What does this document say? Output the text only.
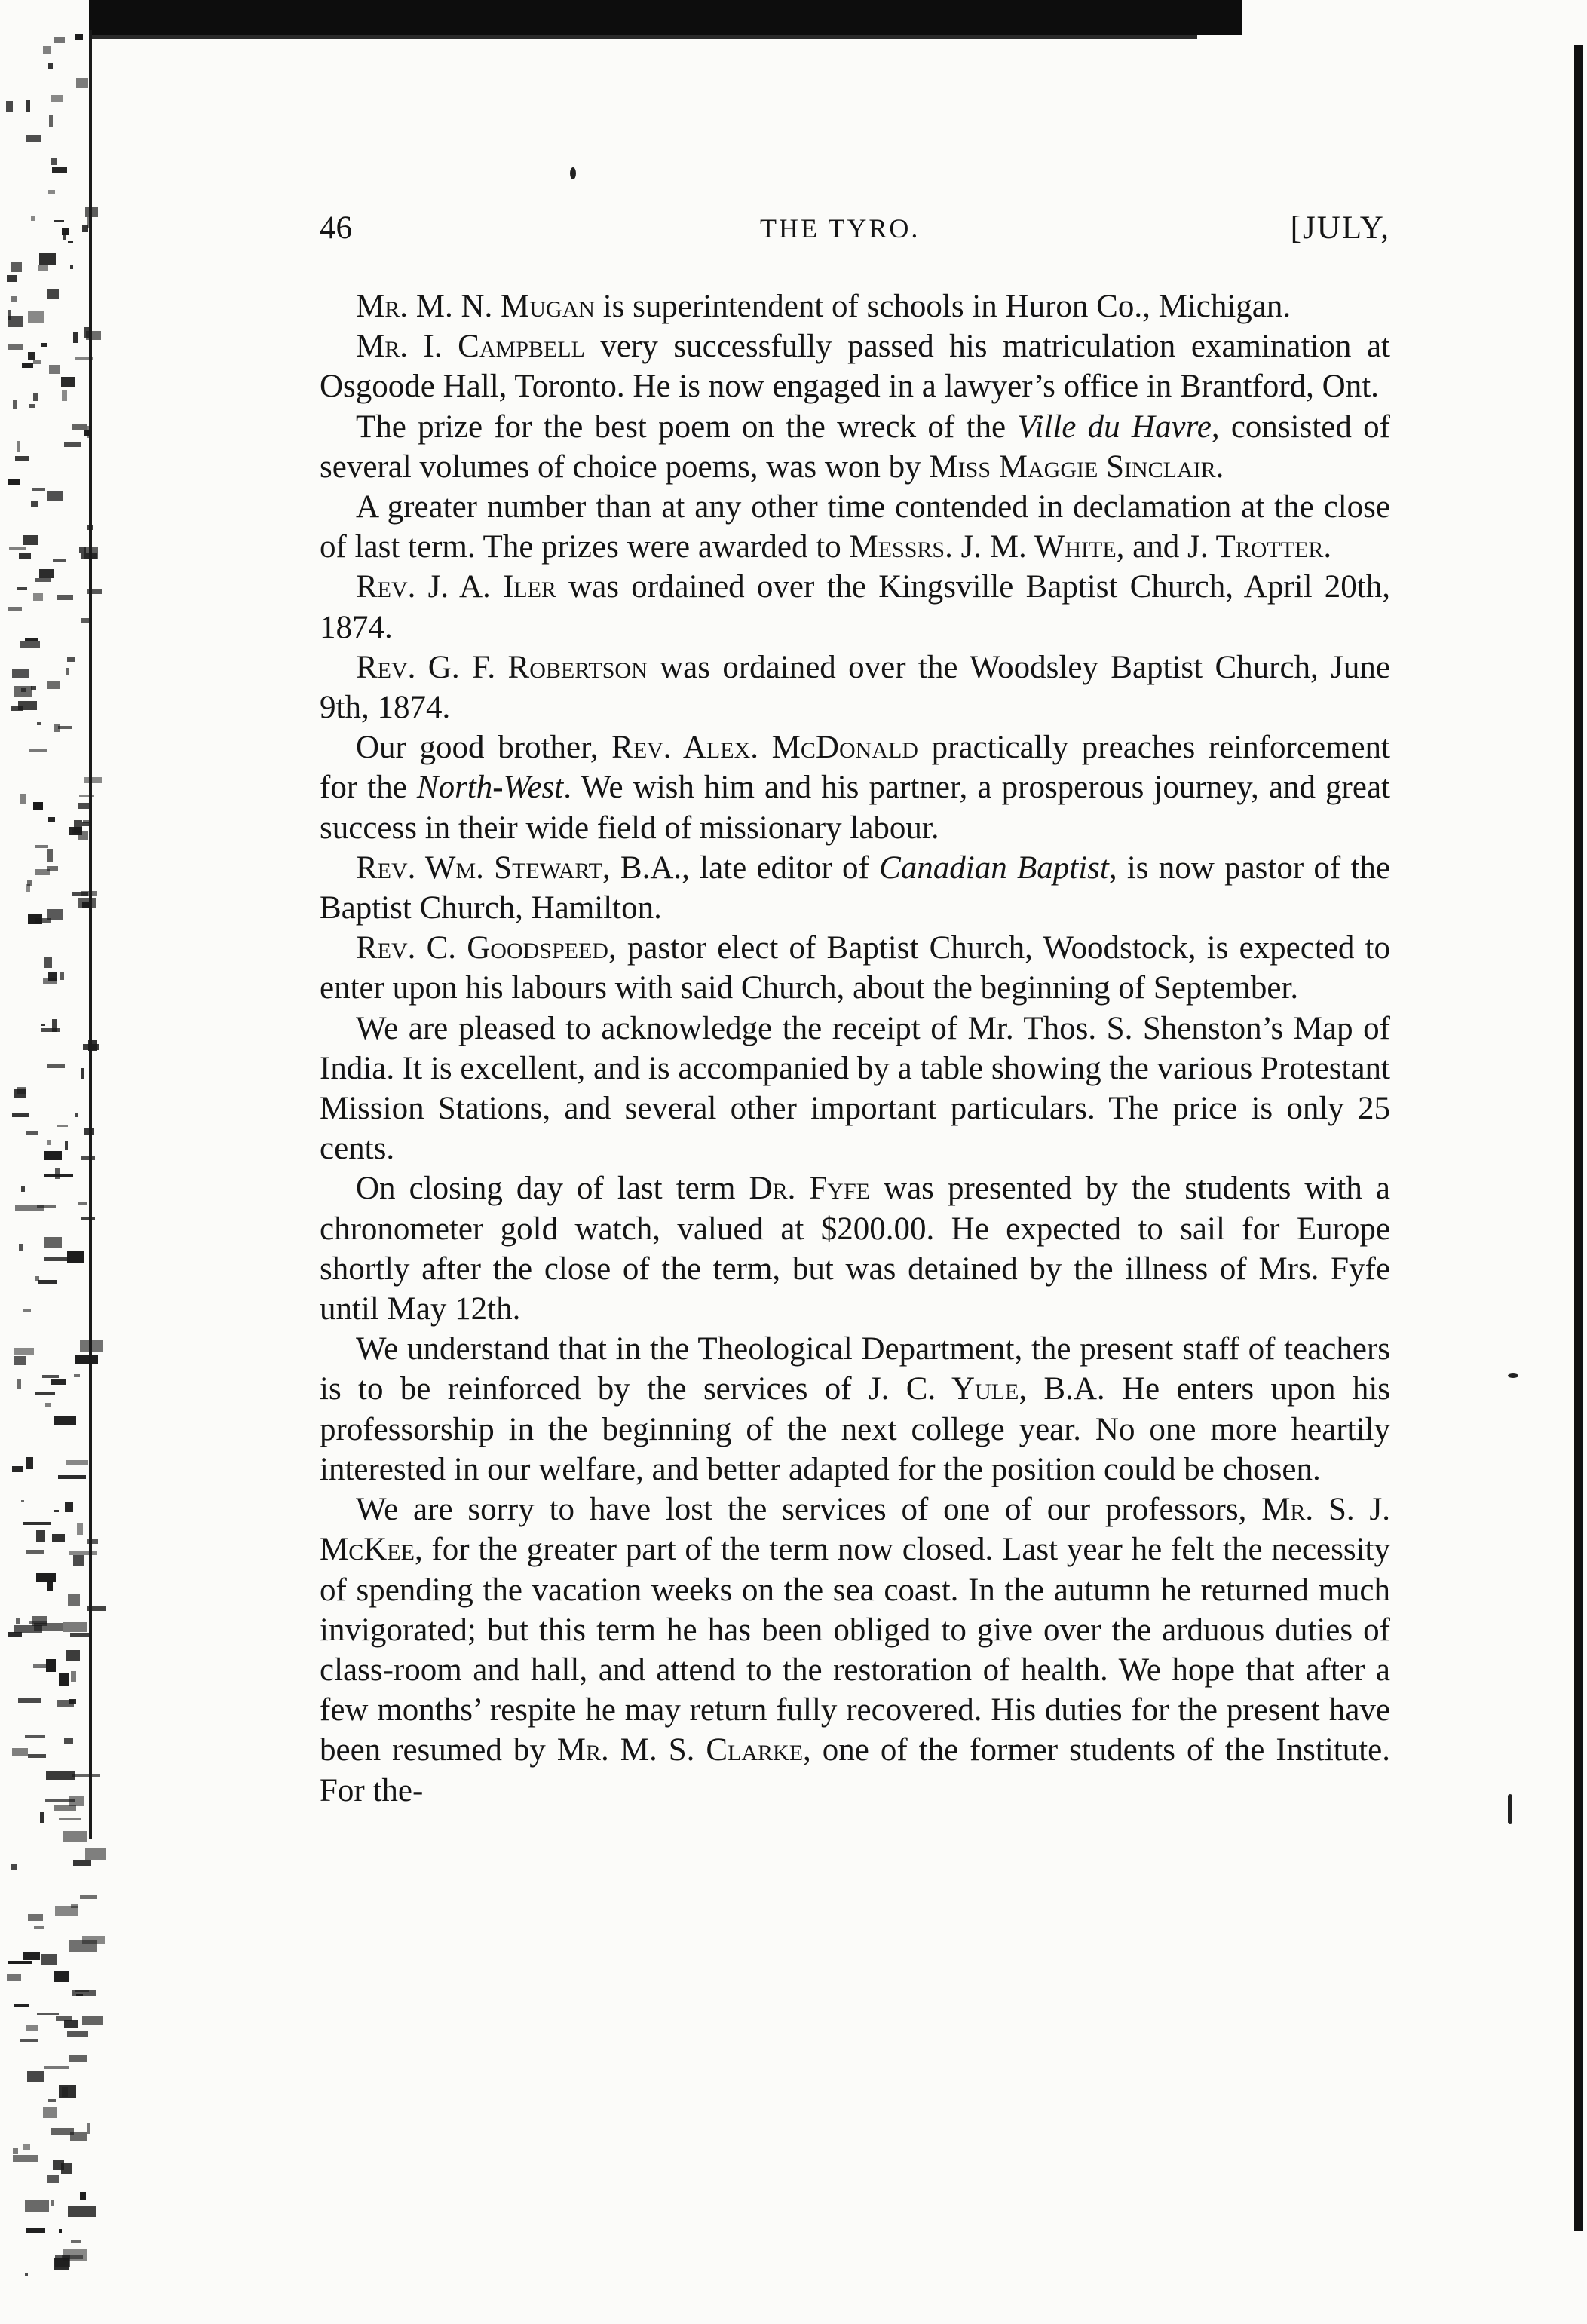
46	THE TYRO.	[JULY,

Mr. M. N. Mugan is superintendent of schools in Huron Co., Michigan.

Mr. I. Campbell very successfully passed his matriculation examination at Osgoode Hall, Toronto. He is now engaged in a lawyer’s office in Brantford, Ont.

The prize for the best poem on the wreck of the Ville du Havre, consisted of several volumes of choice poems, was won by Miss Maggie Sinclair.

A greater number than at any other time contended in declamation at the close of last term. The prizes were awarded to Messrs. J. M. White, and J. Trotter.

Rev. J. A. Iler was ordained over the Kingsville Baptist Church, April 20th, 1874.

Rev. G. F. Robertson was ordained over the Woodsley Baptist Church, June 9th, 1874.

Our good brother, Rev. Alex. McDonald practically preaches reinforcement for the North-West. We wish him and his partner, a prosperous journey, and great success in their wide field of missionary labour.

Rev. Wm. Stewart, B.A., late editor of Canadian Baptist, is now pastor of the Baptist Church, Hamilton.

Rev. C. Goodspeed, pastor elect of Baptist Church, Woodstock, is expected to enter upon his labours with said Church, about the beginning of September.

We are pleased to acknowledge the receipt of Mr. Thos. S. Shenston’s Map of India. It is excellent, and is accompanied by a table showing the various Protestant Mission Stations, and several other important particulars. The price is only 25 cents.

On closing day of last term Dr. Fyfe was presented by the students with a chronometer gold watch, valued at $200.00. He expected to sail for Europe shortly after the close of the term, but was detained by the illness of Mrs. Fyfe until May 12th.

We understand that in the Theological Department, the present staff of teachers is to be reinforced by the services of J. C. Yule, B.A. He enters upon his professorship in the beginning of the next college year. No one more heartily interested in our welfare, and better adapted for the position could be chosen.

We are sorry to have lost the services of one of our professors, Mr. S. J. McKee, for the greater part of the term now closed. Last year he felt the necessity of spending the vacation weeks on the sea coast. In the autumn he returned much invigorated; but this term he has been obliged to give over the arduous duties of class-room and hall, and attend to the restoration of health. We hope that after a few months’ respite he may return fully recovered. His duties for the present have been resumed by Mr. M. S. Clarke, one of the former students of the Institute. For the-
